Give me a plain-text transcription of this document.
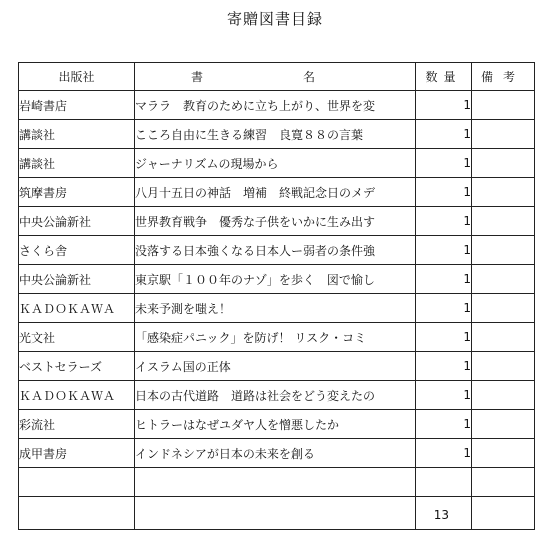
寄贈図書目録
出版社	書　名	数量	備考
岩崎書店	マララ　教育のために立ち上がり、世界を変	1	
講談社	こころ自由に生きる練習　良寛８８の言葉	1	
講談社	ジャーナリズムの現場から	1	
筑摩書房	八月十五日の神話　増補　終戦記念日のメデ	1	
中央公論新社	世界教育戦争　優秀な子供をいかに生み出す	1	
さくら舎	没落する日本強くなる日本人ー弱者の条件強	1	
中央公論新社	東京駅「１００年のナゾ」を歩く　図で愉し	1	
ＫＡＤＯＫＡＷＡ	未来予測を嗤え！	1	
光文社	「感染症パニック」を防げ！ リスク・コミ	1	
ベストセラーズ	イスラム国の正体	1	
ＫＡＤＯＫＡＷＡ	日本の古代道路　道路は社会をどう変えたの	1	
彩流社	ヒトラーはなぜユダヤ人を憎悪したか	1	
成甲書房	インドネシアが日本の未来を創る	1	

		13	
